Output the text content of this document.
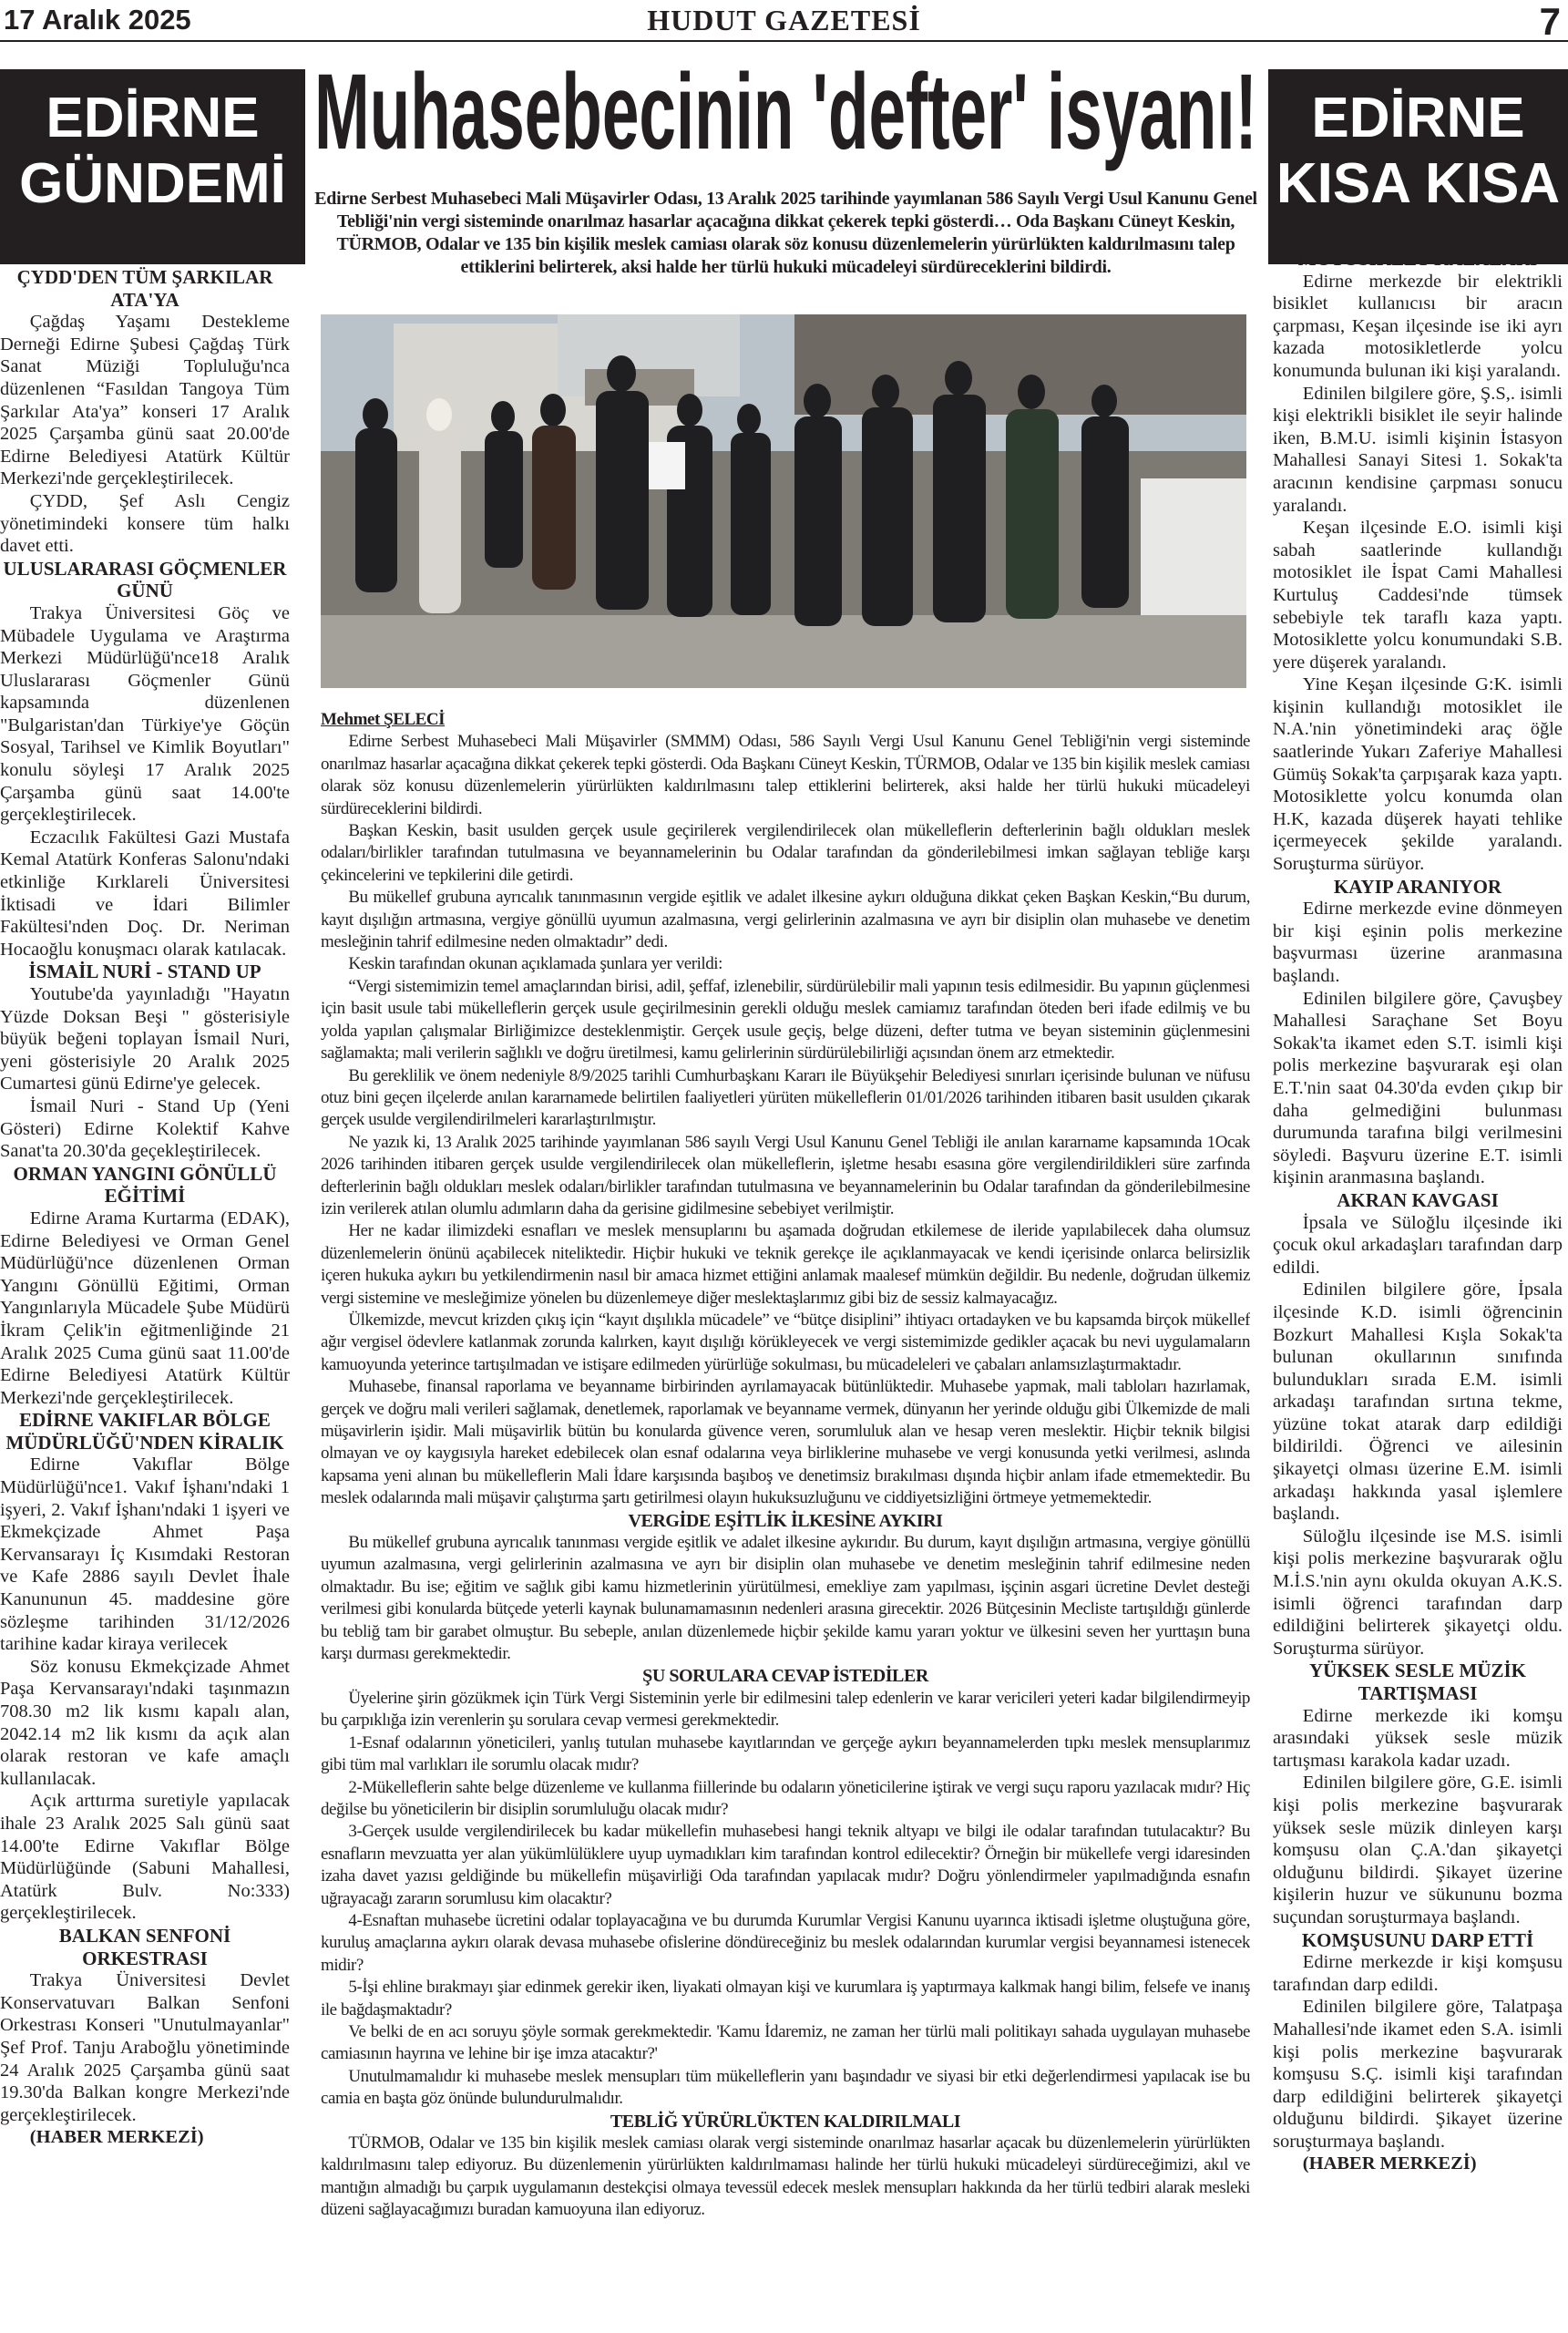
17 Aralık 2025	HUDUT GAZETESİ	7
EDİRNE
GÜNDEMİ
EDİRNE
KISA KISA
Muhasebecinin 'defter' isyanı!
Edirne Serbest Muhasebeci Mali Müşavirler Odası, 13 Aralık 2025 tarihinde yayımlanan 586 Sayılı Vergi Usul Kanunu Genel Tebliği'nin vergi sisteminde onarılmaz hasarlar açacağına dikkat çekerek tepki gösterdi… Oda Başkanı Cüneyt Keskin, TÜRMOB, Odalar ve 135 bin kişilik meslek camiası olarak söz konusu düzenlemelerin yürürlükten kaldırılmasını talep ettiklerini belirterek, aksi halde her türlü hukuki mücadeleyi sürdüreceklerini bildirdi.
ÇYDD'DEN TÜM ŞARKILAR ATA'YA

Çağdaş Yaşamı Destekleme Derneği Edirne Şubesi Çağdaş Türk Sanat Müziği Topluluğu'nca düzenlenen “Fasıldan Tangoya Tüm Şarkılar Ata'ya” konseri 17 Aralık 2025 Çarşamba günü saat 20.00'de Edirne Belediyesi Atatürk Kültür Merkezi'nde gerçekleştirilecek.

ÇYDD, Şef Aslı Cengiz yönetimindeki konsere tüm halkı davet etti.

ULUSLARARASI GÖÇMENLER GÜNÜ

Trakya Üniversitesi Göç ve Mübadele Uygulama ve Araştırma Merkezi Müdürlüğü'nce18 Aralık Uluslararası Göçmenler Günü kapsamında düzenlenen "Bulgaristan'dan Türkiye'ye Göçün Sosyal, Tarihsel ve Kimlik Boyutları" konulu söyleşi 17 Aralık 2025 Çarşamba günü saat 14.00'te gerçekleştirilecek.

Eczacılık Fakültesi Gazi Mustafa Kemal Atatürk Konferas Salonu'ndaki etkinliğe Kırklareli Üniversitesi İktisadi ve İdari Bilimler Fakültesi'nden Doç. Dr. Neriman Hocaoğlu konuşmacı olarak katılacak.

İSMAİL NURİ - STAND UP

Youtube'da yayınladığı "Hayatın Yüzde Doksan Beşi " gösterisiyle büyük beğeni toplayan İsmail Nuri, yeni gösterisiyle 20 Aralık 2025 Cumartesi günü Edirne'ye gelecek.

İsmail Nuri - Stand Up (Yeni Gösteri) Edirne Kolektif Kahve Sanat'ta 20.30'da geçekleştirilecek.

ORMAN YANGINI GÖNÜLLÜ EĞİTİMİ

Edirne Arama Kurtarma (EDAK), Edirne Belediyesi ve Orman Genel Müdürlüğü'nce düzenlenen Orman Yangını Gönüllü Eğitimi, Orman Yangınlarıyla Mücadele Şube Müdürü İkram Çelik'in eğitmenliğinde 21 Aralık 2025 Cuma günü saat 11.00'de Edirne Belediyesi Atatürk Kültür Merkezi'nde gerçekleştirilecek.

EDİRNE VAKIFLAR BÖLGE MÜDÜRLÜĞÜ'NDEN KİRALIK

Edirne Vakıflar Bölge Müdürlüğü'nce1. Vakıf İşhanı'ndaki 1 işyeri, 2. Vakıf İşhanı'ndaki 1 işyeri ve Ekmekçizade Ahmet Paşa Kervansarayı İç Kısımdaki Restoran ve Kafe 2886 sayılı Devlet İhale Kanununun 45. maddesine göre sözleşme tarihinden 31/12/2026 tarihine kadar kiraya verilecek

Söz konusu Ekmekçizade Ahmet Paşa Kervansarayı'ndaki taşınmazın 708.30 m2 lik kısmı kapalı alan, 2042.14 m2 lik kısmı da açık alan olarak restoran ve kafe amaçlı kullanılacak.

Açık arttırma suretiyle yapılacak ihale 23 Aralık 2025 Salı günü saat 14.00'te Edirne Vakıflar Bölge Müdürlüğünde (Sabuni Mahallesi, Atatürk Bulv. No:333) gerçekleştirilecek.

BALKAN SENFONİ ORKESTRASI

Trakya Üniversitesi Devlet Konservatuvarı Balkan Senfoni Orkestrası Konseri "Unutulmayanlar" Şef Prof. Tanju Araboğlu yönetiminde 24 Aralık 2025 Çarşamba günü saat 19.30'da Balkan kongre Merkezi'nde gerçekleştirilecek.

(HABER MERKEZİ)

Mehmet ŞELECİ

Edirne Serbest Muhasebeci Mali Müşavirler (SMMM) Odası, 586 Sayılı Vergi Usul Kanunu Genel Tebliği'nin vergi sisteminde onarılmaz hasarlar açacağına dikkat çekerek tepki gösterdi. Oda Başkanı Cüneyt Keskin, TÜRMOB, Odalar ve 135 bin kişilik meslek camiası olarak söz konusu düzenlemelerin yürürlükten kaldırılmasını talep ettiklerini belirterek, aksi halde her türlü hukuki mücadeleyi sürdüreceklerini bildirdi.

Başkan Keskin, basit usulden gerçek usule geçirilerek vergilendirilecek olan mükelleflerin defterlerinin bağlı oldukları meslek odaları/birlikler tarafından tutulmasına ve beyannamelerinin bu Odalar tarafından da gönderilebilmesi imkan sağlayan tebliğe karşı çekincelerini ve tepkilerini dile getirdi.

Bu mükellef grubuna ayrıcalık tanınmasının vergide eşitlik ve adalet ilkesine aykırı olduğuna dikkat çeken Başkan Keskin,“Bu durum, kayıt dışılığın artmasına, vergiye gönüllü uyumun azalmasına, vergi gelirlerinin azalmasına ve ayrı bir disiplin olan muhasebe ve denetim mesleğinin tahrif edilmesine neden olmaktadır” dedi.

Keskin tarafından okunan açıklamada şunlara yer verildi:

“Vergi sistemimizin temel amaçlarından birisi, adil, şeffaf, izlenebilir, sürdürülebilir mali yapının tesis edilmesidir. Bu yapının güçlenmesi için basit usule tabi mükelleflerin gerçek usule geçirilmesinin gerekli olduğu meslek camiamız tarafından öteden beri ifade edilmiş ve bu yolda yapılan çalışmalar Birliğimizce desteklenmiştir. Gerçek usule geçiş, belge düzeni, defter tutma ve beyan sisteminin güçlenmesini sağlamakta; mali verilerin sağlıklı ve doğru üretilmesi, kamu gelirlerinin sürdürülebilirliği açısından önem arz etmektedir.

Bu gereklilik ve önem nedeniyle 8/9/2025 tarihli Cumhurbaşkanı Kararı ile Büyükşehir Belediyesi sınırları içerisinde bulunan ve nüfusu otuz bini geçen ilçelerde anılan kararnamede belirtilen faaliyetleri yürüten mükelleflerin 01/01/2026 tarihinden itibaren basit usulden çıkarak gerçek usulde vergilendirilmeleri kararlaştırılmıştır.

Ne yazık ki, 13 Aralık 2025 tarihinde yayımlanan 586 sayılı Vergi Usul Kanunu Genel Tebliği ile anılan kararname kapsamında 1Ocak 2026 tarihinden itibaren gerçek usulde vergilendirilecek olan mükelleflerin, işletme hesabı esasına göre vergilendirildikleri süre zarfında defterlerinin bağlı oldukları meslek odaları/birlikler tarafından tutulmasına ve beyannamelerinin bu Odalar tarafından da gönderilebilmesine izin verilerek atılan olumlu adımların daha da gerisine gidilmesine sebebiyet verilmiştir.

Her ne kadar ilimizdeki esnafları ve meslek mensuplarını bu aşamada doğrudan etkilemese de ileride yapılabilecek daha olumsuz düzenlemelerin önünü açabilecek niteliktedir. Hiçbir hukuki ve teknik gerekçe ile açıklanmayacak ve kendi içerisinde onlarca belirsizlik içeren hukuka aykırı bu yetkilendirmenin nasıl bir amaca hizmet ettiğini anlamak maalesef mümkün değildir. Bu nedenle, doğrudan ülkemiz vergi sistemine ve mesleğimize yönelen bu düzenlemeye diğer meslektaşlarımız gibi biz de sessiz kalmayacağız.

Ülkemizde, mevcut krizden çıkış için “kayıt dışılıkla mücadele” ve “bütçe disiplini” ihtiyacı ortadayken ve bu kapsamda birçok mükellef ağır vergisel ödevlere katlanmak zorunda kalırken, kayıt dışılığı körükleyecek ve vergi sistemimizde gedikler açacak bu nevi uygulamaların kamuoyunda yeterince tartışılmadan ve istişare edilmeden yürürlüğe sokulması, bu mücadeleleri ve çabaları anlamsızlaştırmaktadır.

Muhasebe, finansal raporlama ve beyanname birbirinden ayrılamayacak bütünlüktedir. Muhasebe yapmak, mali tabloları hazırlamak, gerçek ve doğru mali verileri sağlamak, denetlemek, raporlamak ve beyanname vermek, dünyanın her yerinde olduğu gibi Ülkemizde de mali müşavirlerin işidir. Mali müşavirlik bütün bu konularda güvence veren, sorumluluk alan ve hesap veren meslektir. Hiçbir teknik bilgisi olmayan ve oy kaygısıyla hareket edebilecek olan esnaf odalarına veya birliklerine muhasebe ve vergi konusunda yetki verilmesi, aslında kapsama yeni alınan bu mükelleflerin Mali İdare karşısında başıboş ve denetimsiz bırakılması dışında hiçbir anlam ifade etmemektedir. Bu meslek odalarında mali müşavir çalıştırma şartı getirilmesi olayın hukuksuzluğunu ve ciddiyetsizliğini örtmeye yetmemektedir.

VERGİDE EŞİTLİK İLKESİNE AYKIRI

Bu mükellef grubuna ayrıcalık tanınması vergide eşitlik ve adalet ilkesine aykırıdır. Bu durum, kayıt dışılığın artmasına, vergiye gönüllü uyumun azalmasına, vergi gelirlerinin azalmasına ve ayrı bir disiplin olan muhasebe ve denetim mesleğinin tahrif edilmesine neden olmaktadır. Bu ise; eğitim ve sağlık gibi kamu hizmetlerinin yürütülmesi, emekliye zam yapılması, işçinin asgari ücretine Devlet desteği verilmesi gibi konularda bütçede yeterli kaynak bulunamamasının nedenleri arasına girecektir. 2026 Bütçesinin Mecliste tartışıldığı günlerde bu tebliğ tam bir garabet olmuştur. Bu sebeple, anılan düzenlemede hiçbir şekilde kamu yararı yoktur ve ülkesini seven her yurttaşın buna karşı durması gerekmektedir.

ŞU SORULARA CEVAP İSTEDİLER

Üyelerine şirin gözükmek için Türk Vergi Sisteminin yerle bir edilmesini talep edenlerin ve karar vericileri yeteri kadar bilgilendirmeyip bu çarpıklığa izin verenlerin şu sorulara cevap vermesi gerekmektedir.

1-Esnaf odalarının yöneticileri, yanlış tutulan muhasebe kayıtlarından ve gerçeğe aykırı beyannamelerden tıpkı meslek mensuplarımız gibi tüm mal varlıkları ile sorumlu olacak mıdır?

2-Mükelleflerin sahte belge düzenleme ve kullanma fiillerinde bu odaların yöneticilerine iştirak ve vergi suçu raporu yazılacak mıdır? Hiç değilse bu yöneticilerin bir disiplin sorumluluğu olacak mıdır?

3-Gerçek usulde vergilendirilecek bu kadar mükellefin muhasebesi hangi teknik altyapı ve bilgi ile odalar tarafından tutulacaktır? Bu esnafların mevzuatta yer alan yükümlülüklere uyup uymadıkları kim tarafından kontrol edilecektir? Örneğin bir mükellefe vergi idaresinden izaha davet yazısı geldiğinde bu mükellefin müşavirliği Oda tarafından yapılacak mıdır? Doğru yönlendirmeler yapılmadığında esnafın uğrayacağı zararın sorumlusu kim olacaktır?

4-Esnaftan muhasebe ücretini odalar toplayacağına ve bu durumda Kurumlar Vergisi Kanunu uyarınca iktisadi işletme oluştuğuna göre, kuruluş amaçlarına aykırı olarak devasa muhasebe ofislerine döndüreceğiniz bu meslek odalarından kurumlar vergisi beyannamesi istenecek midir?

5-İşi ehline bırakmayı şiar edinmek gerekir iken, liyakati olmayan kişi ve kurumlara iş yaptırmaya kalkmak hangi bilim, felsefe ve inanış ile bağdaşmaktadır?

Ve belki de en acı soruyu şöyle sormak gerekmektedir. 'Kamu İdaremiz, ne zaman her türlü mali politikayı sahada uygulayan muhasebe camiasının hayrına ve lehine bir işe imza atacaktır?'

Unutulmamalıdır ki muhasebe meslek mensupları tüm mükelleflerin yanı başındadır ve siyasi bir etki değerlendirmesi yapılacak ise bu camia en başta göz önünde bulundurulmalıdır.

TEBLİĞ YÜRÜRLÜKTEN KALDIRILMALI

TÜRMOB, Odalar ve 135 bin kişilik meslek camiası olarak vergi sisteminde onarılmaz hasarlar açacak bu düzenlemelerin yürürlükten kaldırılmasını talep ediyoruz. Bu düzenlemenin yürürlükten kaldırılmaması halinde her türlü hukuki mücadeleyi sürdüreceğimizi, akıl ve mantığın almadığı bu çarpık uygulamanın destekçisi olmaya tevessül edecek meslek mensupları hakkında da her türlü tedbiri alarak mesleki düzeni sağlayacağımızı buradan kamuoyuna ilan ediyoruz.

MOTOSİKLET KAZALARI

Edirne merkezde bir elektrikli bisiklet kullanıcısı bir aracın çarpması, Keşan ilçesinde ise iki ayrı kazada motosikletlerde yolcu konumunda bulunan iki kişi yaralandı.

Edinilen bilgilere göre, Ş.S,. isimli kişi elektrikli bisiklet ile seyir halinde iken, B.M.U. isimli kişinin İstasyon Mahallesi Sanayi Sitesi 1. Sokak'ta aracının kendisine çarpması sonucu yaralandı.

Keşan ilçesinde E.O. isimli kişi sabah saatlerinde kullandığı motosiklet ile İspat Cami Mahallesi Kurtuluş Caddesi'nde tümsek sebebiyle tek taraflı kaza yaptı. Motosiklette yolcu konumundaki S.B. yere düşerek yaralandı.

Yine Keşan ilçesinde G:K. isimli kişinin kullandığı motosiklet ile N.A.'nin yönetimindeki araç öğle saatlerinde Yukarı Zaferiye Mahallesi Gümüş Sokak'ta çarpışarak kaza yaptı. Motosiklette yolcu konumda olan H.K, kazada düşerek hayati tehlike içermeyecek şekilde yaralandı. Soruşturma sürüyor.

KAYIP ARANIYOR

Edirne merkezde evine dönmeyen bir kişi eşinin polis merkezine başvurması üzerine aranmasına başlandı.

Edinilen bilgilere göre, Çavuşbey Mahallesi Saraçhane Set Boyu Sokak'ta ikamet eden S.T. isimli kişi polis merkezine başvurarak eşi olan E.T.'nin saat 04.30'da evden çıkıp bir daha gelmediğini bulunması durumunda tarafına bilgi verilmesini söyledi. Başvuru üzerine E.T. isimli kişinin aranmasına başlandı.

AKRAN KAVGASI

İpsala ve Süloğlu ilçesinde iki çocuk okul arkadaşları tarafından darp edildi.

Edinilen bilgilere göre, İpsala ilçesinde K.D. isimli öğrencinin Bozkurt Mahallesi Kışla Sokak'ta bulunan okullarının sınıfında bulundukları sırada E.M. isimli arkadaşı tarafından sırtına tekme, yüzüne tokat atarak darp edildiği bildirildi. Öğrenci ve ailesinin şikayetçi olması üzerine E.M. isimli arkadaşı hakkında yasal işlemlere başlandı.

Süloğlu ilçesinde ise M.S. isimli kişi polis merkezine başvurarak oğlu M.İ.S.'nin aynı okulda okuyan A.K.S. isimli öğrenci tarafından darp edildiğini belirterek şikayetçi oldu. Soruşturma sürüyor.

YÜKSEK SESLE MÜZİK TARTIŞMASI

Edirne merkezde iki komşu arasındaki yüksek sesle müzik tartışması karakola kadar uzadı.

Edinilen bilgilere göre, G.E. isimli kişi polis merkezine başvurarak yüksek sesle müzik dinleyen karşı komşusu olan Ç.A.'dan şikayetçi olduğunu bildirdi. Şikayet üzerine kişilerin huzur ve sükununu bozma suçundan soruşturmaya başlandı.

KOMŞUSUNU DARP ETTİ

Edirne merkezde ir kişi komşusu tarafından darp edildi.

Edinilen bilgilere göre, Talatpaşa Mahallesi'nde ikamet eden S.A. isimli kişi polis merkezine başvurarak komşusu S.Ç. isimli kişi tarafından darp edildiğini belirterek şikayetçi olduğunu bildirdi. Şikayet üzerine soruşturmaya başlandı.

(HABER MERKEZİ)
